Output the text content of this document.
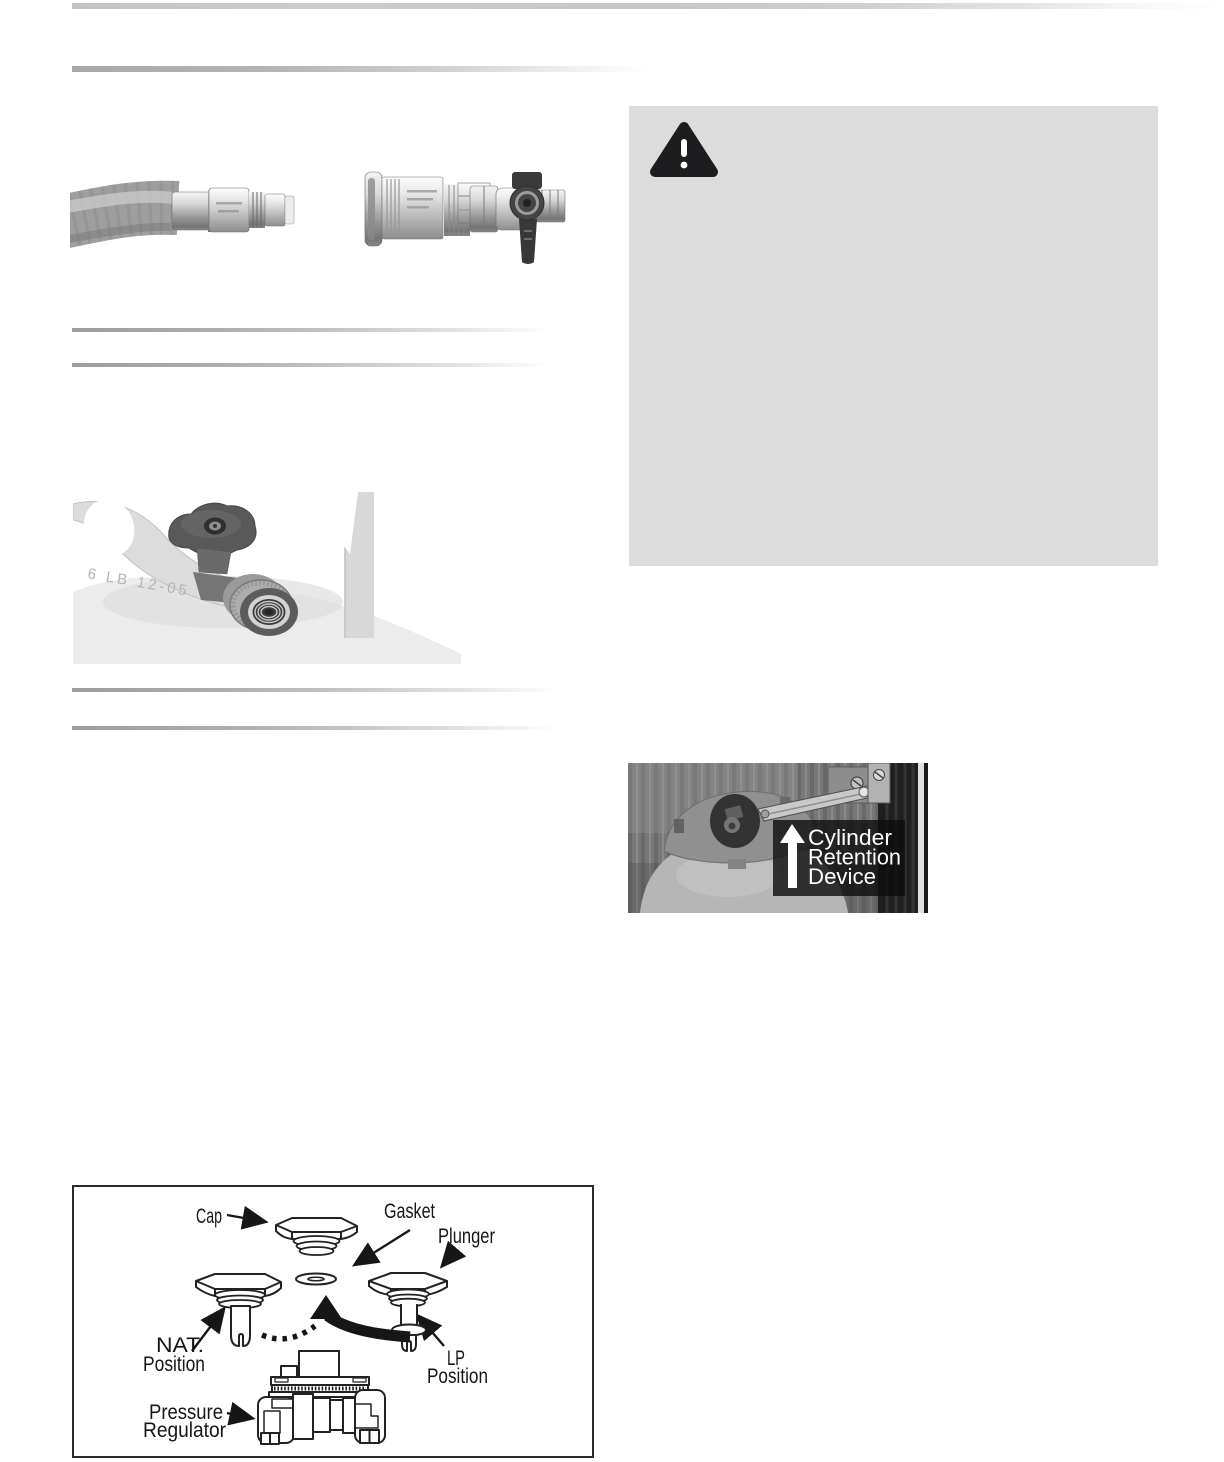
6 LB 12-05
Cylinder
Retention
Device
Cap	Gasket
Plunger
NAT.
Position	LP
Position
Pressure
Regulator
